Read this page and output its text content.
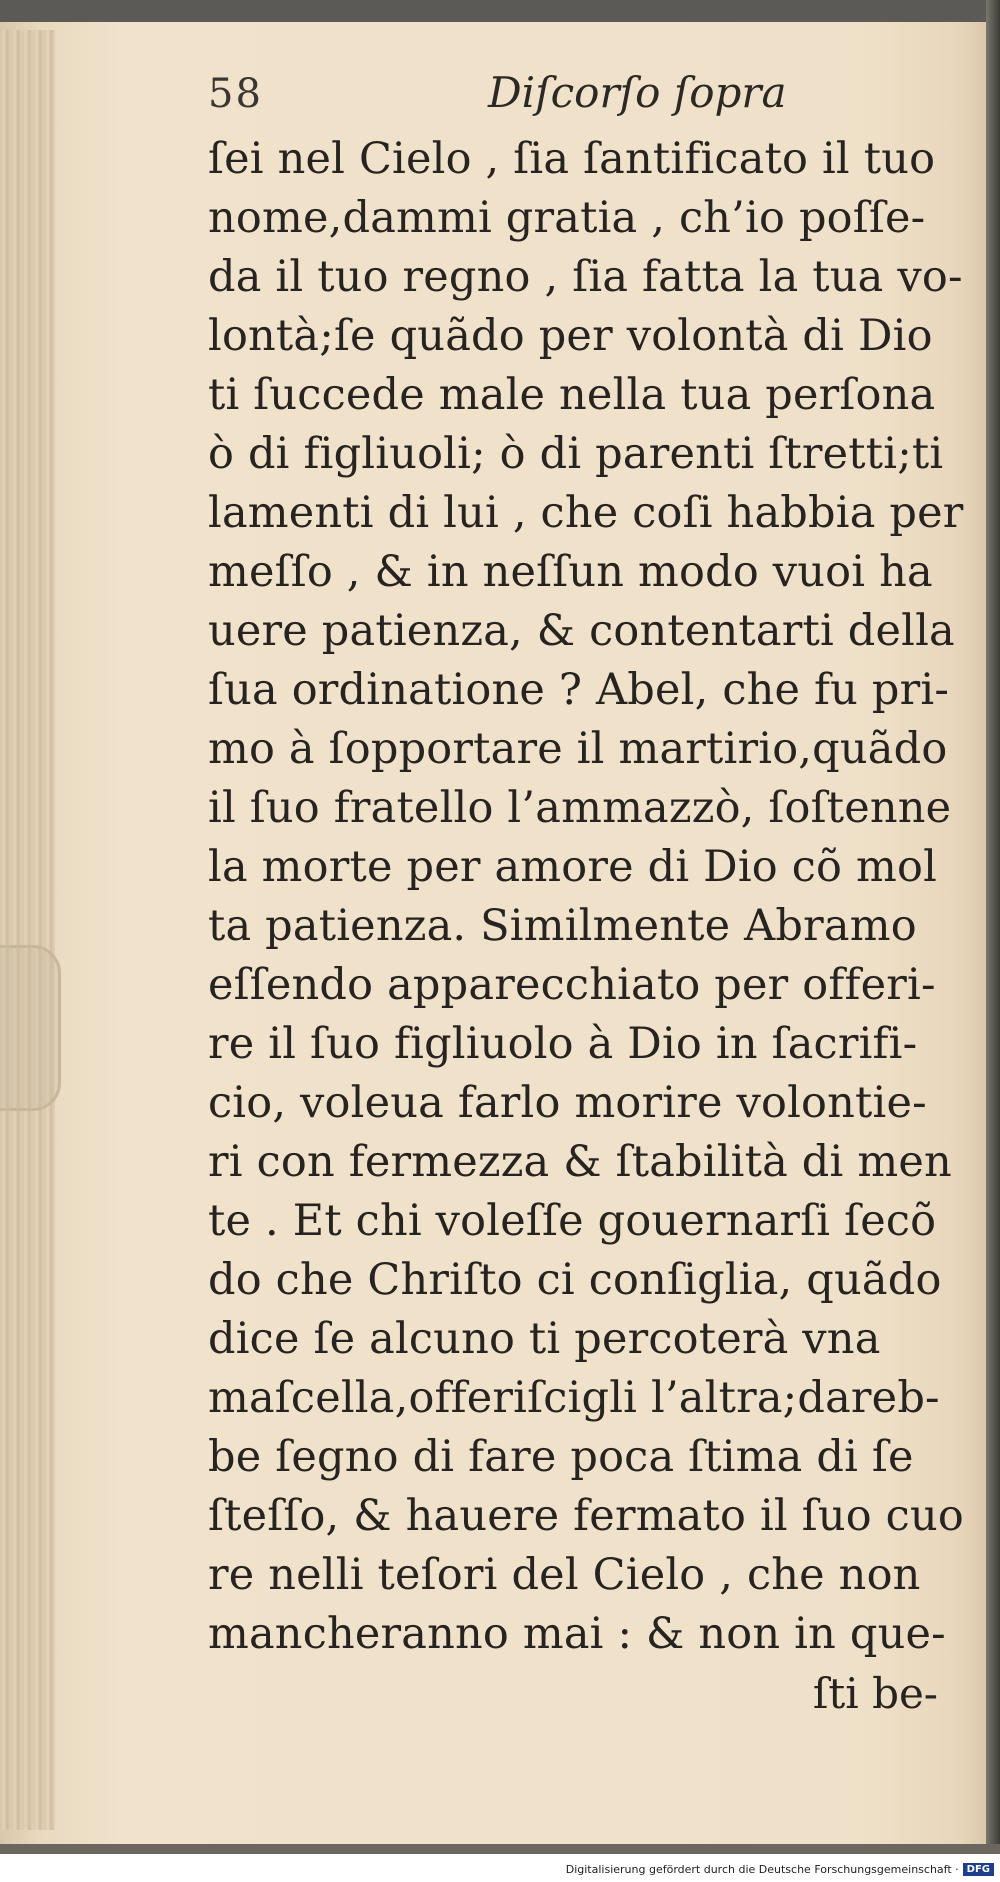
58	Diſcorſo ſopra
ſei nel Cielo , ſia ſantificato il tuo
nome,dammi gratia , ch’io poſſe-
da il tuo regno , ſia fatta la tua vo-
lontà;ſe quãdo per volontà di Dio
ti ſuccede male nella tua perſona
ò di figliuoli; ò di parenti ſtretti;ti
lamenti di lui , che coſi habbia per
meſſo , & in neſſun modo vuoi ha
uere patienza, & contentarti della
ſua ordinatione ? Abel, che fu pri-
mo à ſopportare il martirio,quãdo
il ſuo fratello l’ammazzò, ſoſtenne
la morte per amore di Dio cõ mol
ta patienza. Similmente Abramo
eſſendo apparecchiato per offeri-
re il ſuo figliuolo à Dio in ſacrifi-
cio, voleua farlo morire volontie-
ri con fermezza & ſtabilità di men
te . Et chi voleſſe gouernarſi ſecõ
do che Chriſto ci conſiglia, quãdo
dice ſe alcuno ti percoterà vna
maſcella,offeriſcigli l’altra;dareb-
be ſegno di fare poca ſtima di ſe
ſteſſo, & hauere fermato il ſuo cuo
re nelli teſori del Cielo , che non
mancheranno mai : & non in que-
ſti be-
Digitalisierung gefördert durch die Deutsche Forschungsgemeinschaft · DFG
